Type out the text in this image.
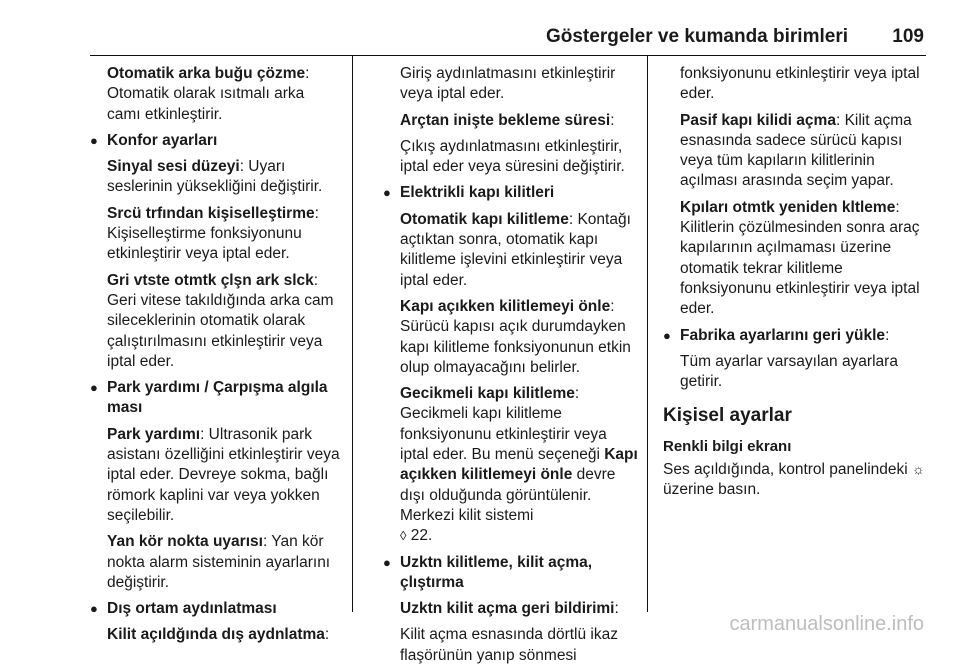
Göstergeler ve kumanda birimleri 109
Otomatik arka buğu çözme:
Otomatik olarak ısıtmalı arka camı etkinleştirir.
● Konfor ayarları
Sinyal sesi düzeyi: Uyarı seslerinin yüksekliğini değiştirir.
Srcü trfından kişiselleştirme:
Kişiselleştirme fonksiyonunu etkinleştirir veya iptal eder.
Gri vtste otmtk çlşn ark slck:
Geri vitese takıldığında arka cam sileceklerinin otomatik olarak çalıştırılmasını etkinleştirir veya iptal eder.
● Park yardımı / Çarpışma algıla ması
Park yardımı: Ultrasonik park asistanı özelliğini etkinleştirir veya iptal eder. Devreye sokma, bağlı römork kaplini var veya yokken seçilebilir.
Yan kör nokta uyarısı: Yan kör nokta alarm sisteminin ayarlarını değiştirir.
● Dış ortam aydınlatması
Kilit açıldğında dış aydnlatma:
Giriş aydınlatmasını etkinleştirir veya iptal eder.
Arçtan inişte bekleme süresi:
Çıkış aydınlatmasını etkinleştirir, iptal eder veya süresini değiştirir.
● Elektrikli kapı kilitleri
Otomatik kapı kilitleme: Kontağı açtıktan sonra, otomatik kapı kilitleme işlevini etkinleştirir veya iptal eder.
Kapı açıkken kilitlemeyi önle:
Sürücü kapısı açık durumdayken kapı kilitleme fonksiyonunun etkin olup olmayacağını belirler.
Gecikmeli kapı kilitleme:
Gecikmeli kapı kilitleme fonksiyonunu etkinleştirir veya iptal eder. Bu menü seçeneği Kapı açıkken kilitlemeyi önle devre dışı olduğunda görüntülenir. Merkezi kilit sistemi
◊ 22.
● Uzktn kilitleme, kilit açma, çlıştırma
Uzktn kilit açma geri bildirimi:
Kilit açma esnasında dörtlü ikaz flaşörünün yanıp sönmesi
fonksiyonunu etkinleştirir veya iptal eder.
Pasif kapı kilidi açma: Kilit açma esnasında sadece sürücü kapısı veya tüm kapıların kilitlerinin açılması arasında seçim yapar.
Kpıları otmtk yeniden kltleme:
Kilitlerin çözülmesinden sonra araç kapılarının açılmaması üzerine otomatik tekrar kilitleme fonksiyonunu etkinleştirir veya iptal eder.
● Fabrika ayarlarını geri yükle:
Tüm ayarlar varsayılan ayarlara getirir.
Kişisel ayarlar
Renkli bilgi ekranı
Ses açıldığında, kontrol panelindeki ☼ üzerine basın.
carmanualsonline.info
